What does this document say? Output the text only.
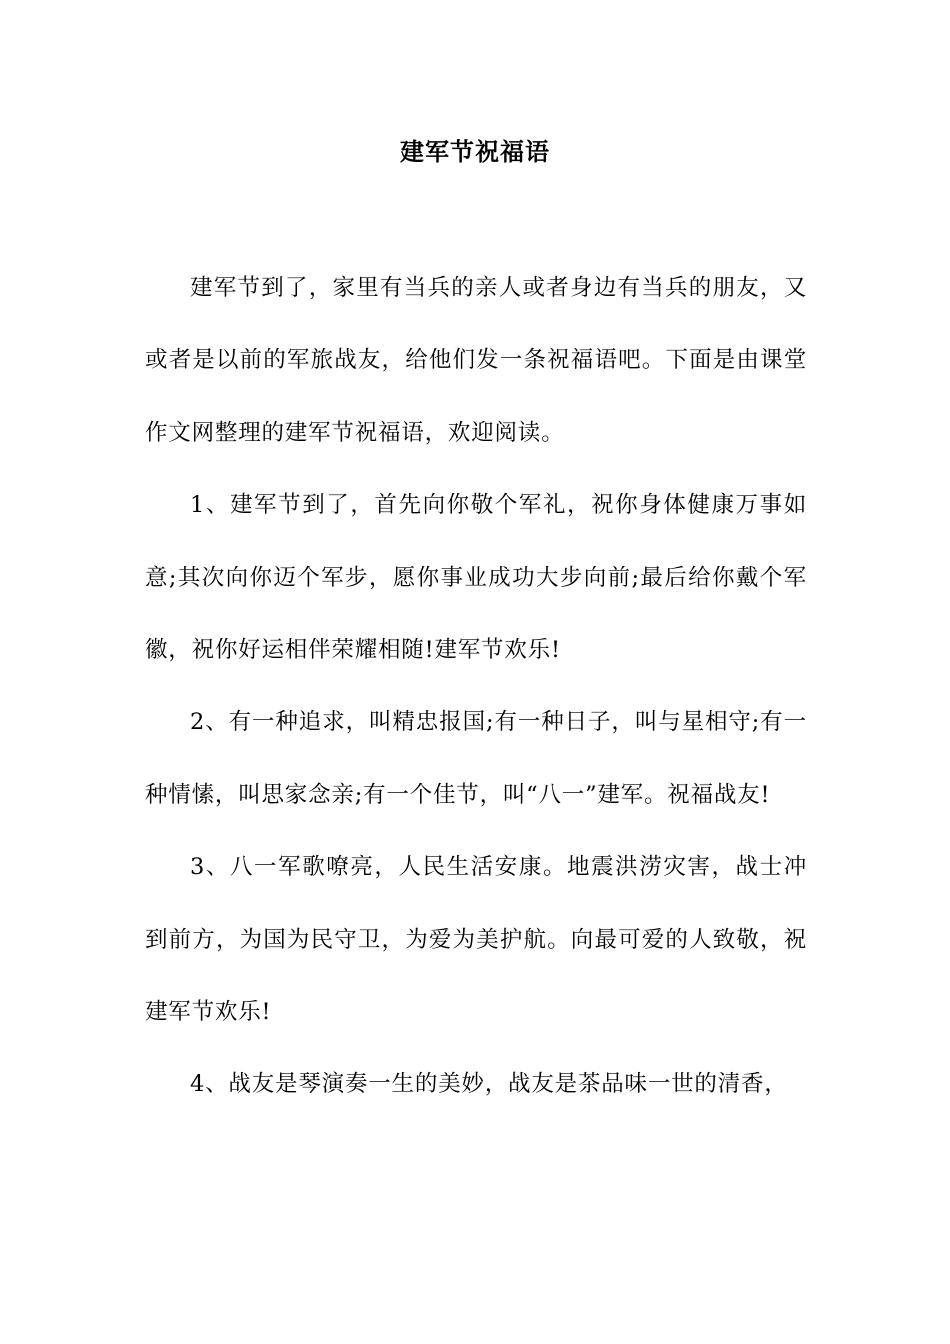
建军节祝福语

建军节到了，家里有当兵的亲人或者身边有当兵的朋友，又或者是以前的军旅战友，给他们发一条祝福语吧。下面是由课堂作文网整理的建军节祝福语，欢迎阅读。

1、建军节到了，首先向你敬个军礼，祝你身体健康万事如意;其次向你迈个军步，愿你事业成功大步向前;最后给你戴个军徽，祝你好运相伴荣耀相随!建军节欢乐!

2、有一种追求，叫精忠报国;有一种日子，叫与星相守;有一种情愫，叫思家念亲;有一个佳节，叫“八一”建军。祝福战友!

3、八一军歌嘹亮，人民生活安康。地震洪涝灾害，战士冲到前方，为国为民守卫，为爱为美护航。向最可爱的人致敬，祝建军节欢乐!

4、战友是琴演奏一生的美妙，战友是茶品味一世的清香，
